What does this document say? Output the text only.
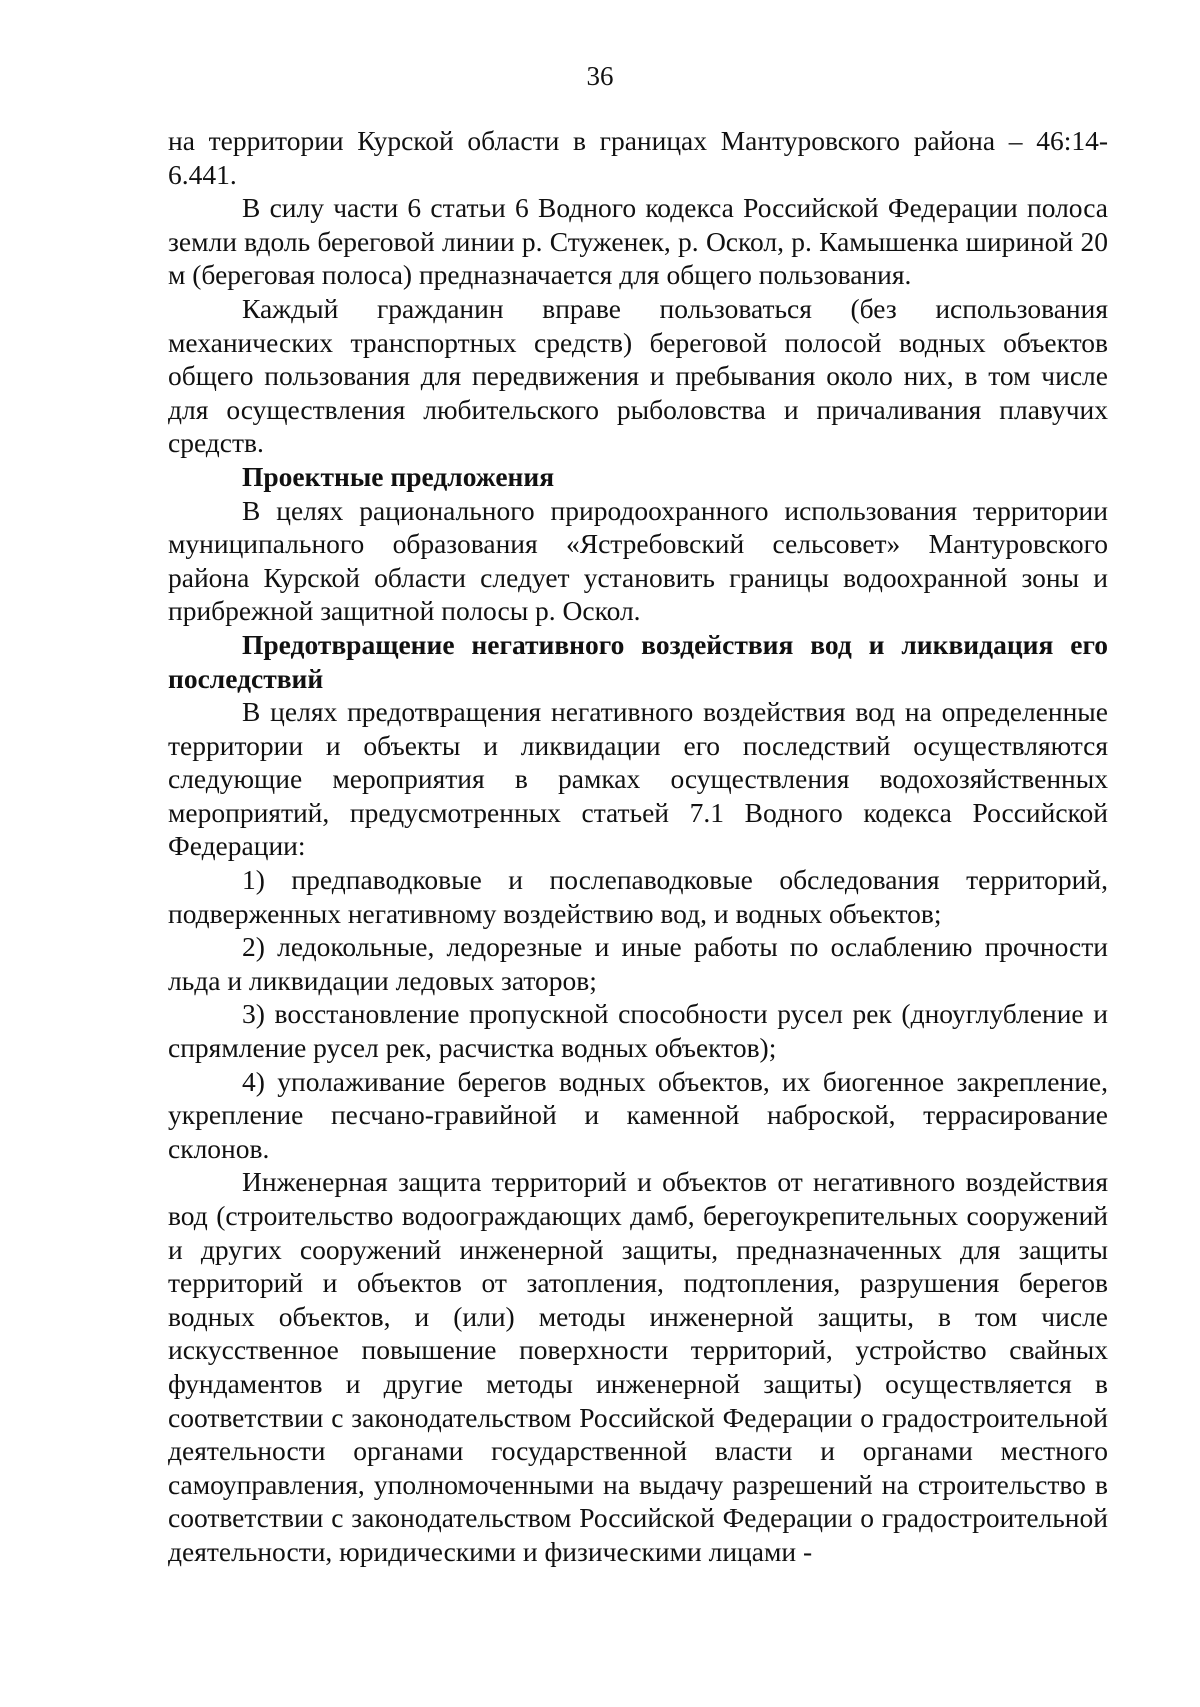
36

на территории Курской области в границах Мантуровского района – 46:14-6.441.

В силу части 6 статьи 6 Водного кодекса Российской Федерации полоса земли вдоль береговой линии р. Стуженек, р. Оскол, р. Камышенка шириной 20 м (береговая полоса) предназначается для общего пользования.

Каждый гражданин вправе пользоваться (без использования механических транспортных средств) береговой полосой водных объектов общего пользования для передвижения и пребывания около них, в том числе для осуществления любительского рыболовства и причаливания плавучих средств.

Проектные предложения

В целях рационального природоохранного использования территории муниципального образования «Ястребовский сельсовет» Мантуровского района Курской области следует установить границы водоохранной зоны и прибрежной защитной полосы р. Оскол.

Предотвращение негативного воздействия вод и ликвидация его последствий

В целях предотвращения негативного воздействия вод на определенные территории и объекты и ликвидации его последствий осуществляются следующие мероприятия в рамках осуществления водохозяйственных мероприятий, предусмотренных статьей 7.1 Водного кодекса Российской Федерации:

1) предпаводковые и послепаводковые обследования территорий, подверженных негативному воздействию вод, и водных объектов;

2) ледокольные, ледорезные и иные работы по ослаблению прочности льда и ликвидации ледовых заторов;

3) восстановление пропускной способности русел рек (дноуглубление и спрямление русел рек, расчистка водных объектов);

4) уполаживание берегов водных объектов, их биогенное закрепление, укрепление песчано-гравийной и каменной наброской, террасирование склонов.

Инженерная защита территорий и объектов от негативного воздействия вод (строительство водоограждающих дамб, берегоукрепительных сооружений и других сооружений инженерной защиты, предназначенных для защиты территорий и объектов от затопления, подтопления, разрушения берегов водных объектов, и (или) методы инженерной защиты, в том числе искусственное повышение поверхности территорий, устройство свайных фундаментов и другие методы инженерной защиты) осуществляется в соответствии с законодательством Российской Федерации о градостроительной деятельности органами государственной власти и органами местного самоуправления, уполномоченными на выдачу разрешений на строительство в соответствии с законодательством Российской Федерации о градостроительной деятельности, юридическими и физическими лицами -
